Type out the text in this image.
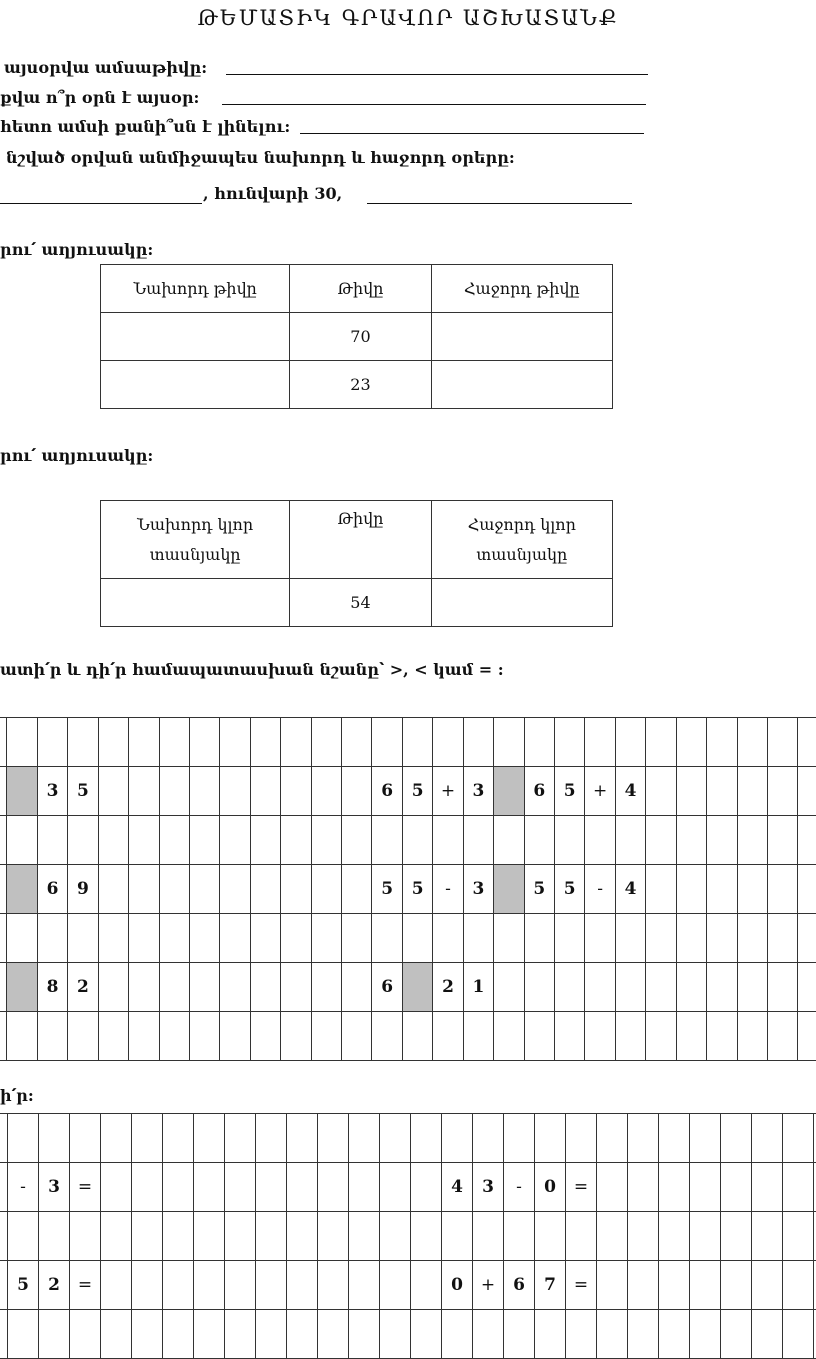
ԹԵՄԱՏԻԿ ԳՐԱՎՈՐ ԱՇԽԱՏԱՆՔ
այսօրվա ամսաթիվը:
քվա ո՞ր օրն է այսօր:
հետո ամսի քանի՞սն է լինելու:
նշված օրվան անմիջապես նախորդ և հաջորդ օրերը:
, հունվարի 30,
րու՛ աղյուսակը:
Նախորդ թիվը	Թիվը	Հաջորդ թիվը
	70	
	23	
րու՛ աղյուսակը:
Նախորդ կլոր տասնյակը	Թիվը	Հաջորդ կլոր տասնյակը
	54	
ատի՛ր և դի՛ր համապատասխան նշանը՝ >, < կամ = :

		3	5										6	5	+	3		6	5	+	4						

		6	9										5	5	-	3		5	5	-	4						

		8	2										6		2	1											

ի՛ր:

	-	3	=												4	3	-	0	=								

	5	2	=												0	+	6	7	=								
